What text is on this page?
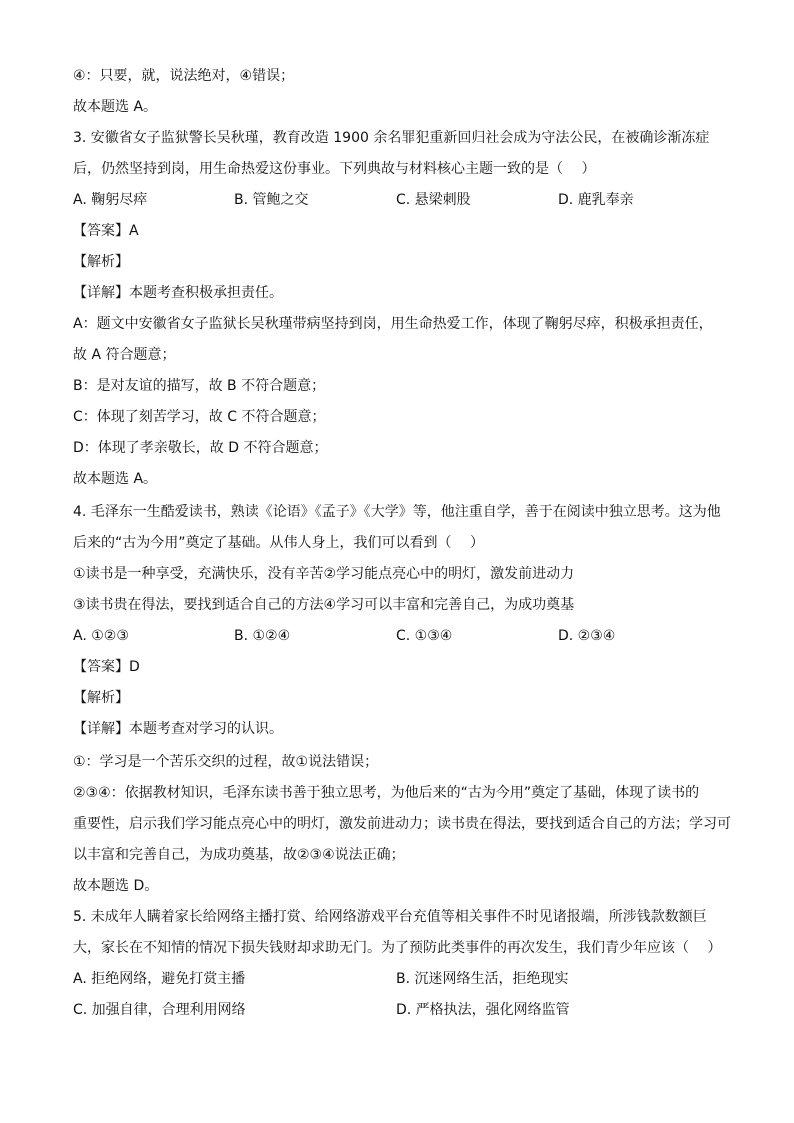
④：只要，就，说法绝对，④错误；
故本题选 A。
3. 安徽省女子监狱警长吴秋瑾，教育改造 1900 余名罪犯重新回归社会成为守法公民，在被确诊渐冻症
后，仍然坚持到岗，用生命热爱这份事业。下列典故与材料核心主题一致的是（　 ）
A. 鞠躬尽瘁	B. 管鲍之交	C. 悬梁刺股	D. 鹿乳奉亲
【答案】A
【解析】
【详解】本题考查积极承担责任。
A：题文中安徽省女子监狱长吴秋瑾带病坚持到岗，用生命热爱工作，体现了鞠躬尽瘁，积极承担责任，
故 A 符合题意；
B：是对友谊的描写，故 B 不符合题意；
C：体现了刻苦学习，故 C 不符合题意；
D：体现了孝亲敬长，故 D 不符合题意；
故本题选 A。
4. 毛泽东一生酷爱读书，熟读《论语》《孟子》《大学》等，他注重自学，善于在阅读中独立思考。这为他
后来的“古为今用”奠定了基础。从伟人身上，我们可以看到（　 ）
①读书是一种享受，充满快乐，没有辛苦②学习能点亮心中的明灯，激发前进动力
③读书贵在得法，要找到适合自己的方法④学习可以丰富和完善自己，为成功奠基
A. ①②③	B. ①②④	C. ①③④	D. ②③④
【答案】D
【解析】
【详解】本题考查对学习的认识。
①：学习是一个苦乐交织的过程，故①说法错误；
②③④：依据教材知识，毛泽东读书善于独立思考，为他后来的“古为今用”奠定了基础，体现了读书的
重要性，启示我们学习能点亮心中的明灯，激发前进动力；读书贵在得法，要找到适合自己的方法；学习可
以丰富和完善自己，为成功奠基，故②③④说法正确；
故本题选 D。
5. 未成年人瞒着家长给网络主播打赏、给网络游戏平台充值等相关事件不时见诸报端，所涉钱款数额巨
大，家长在不知情的情况下损失钱财却求助无门。为了预防此类事件的再次发生，我们青少年应该（　 ）
A. 拒绝网络，避免打赏主播	B. 沉迷网络生活，拒绝现实
C. 加强自律，合理利用网络	D. 严格执法，强化网络监管
